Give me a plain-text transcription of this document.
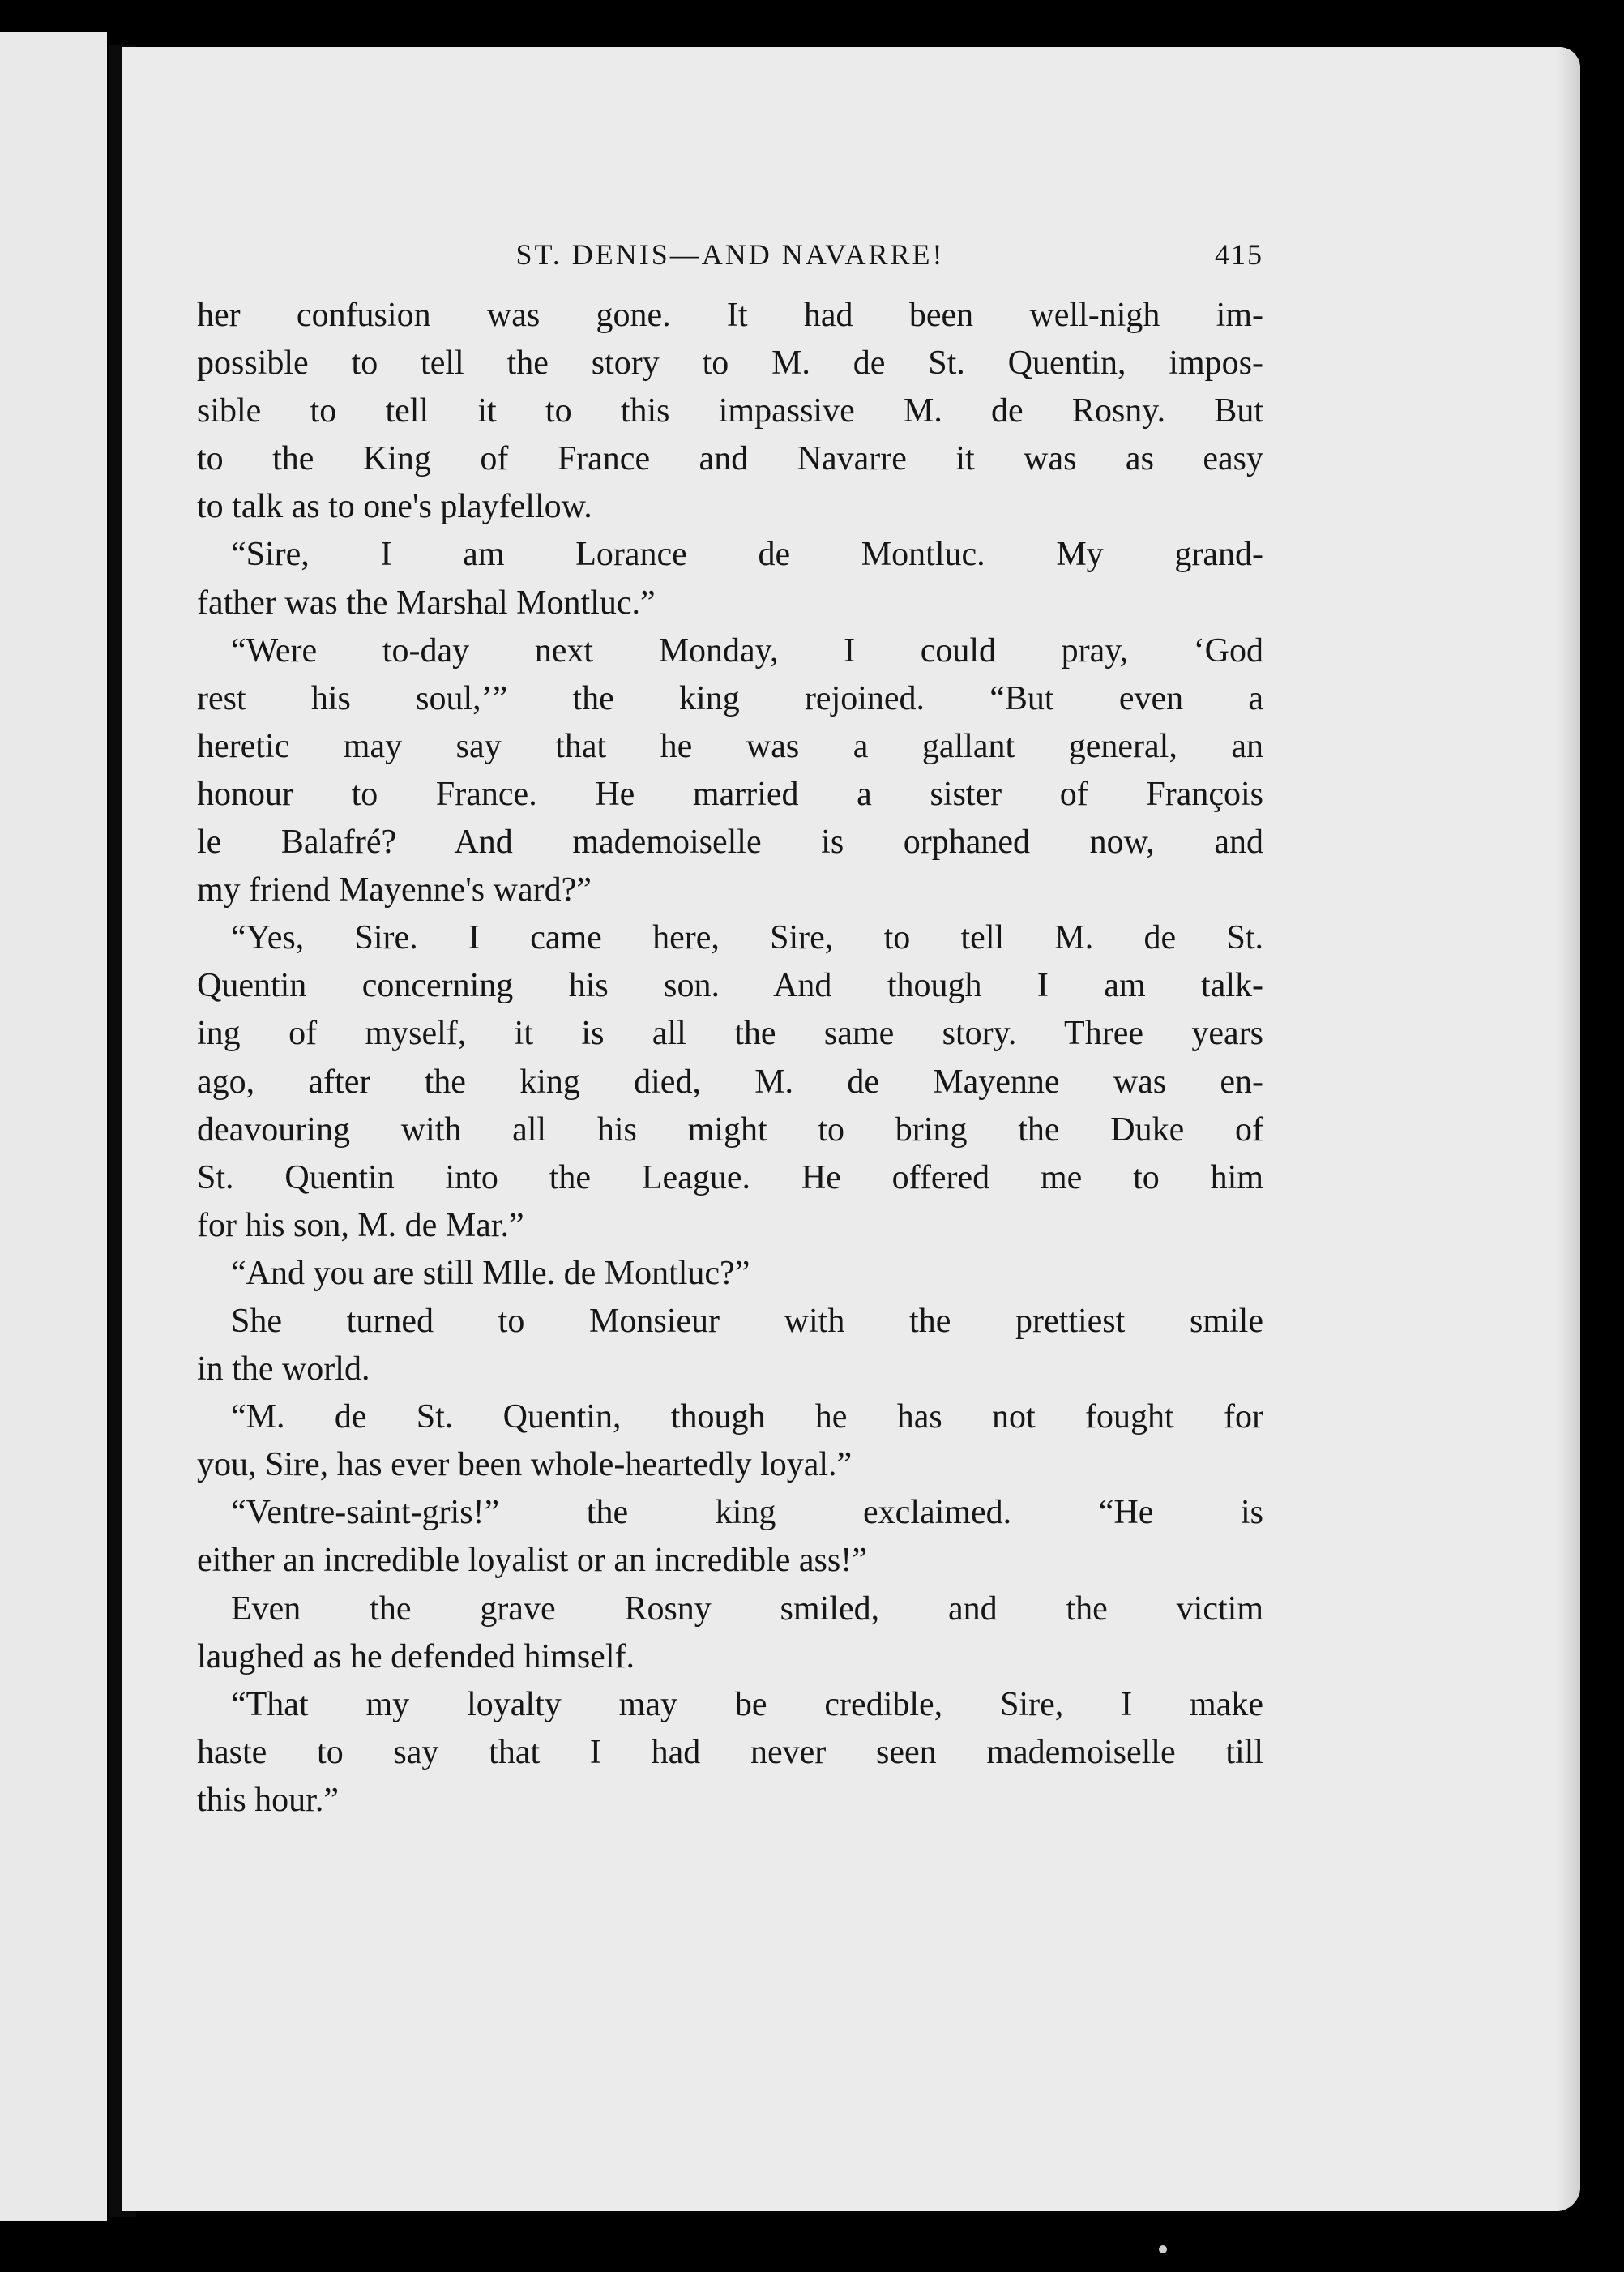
ST. DENIS—AND NAVARRE!	415
her confusion was gone. It had been well-nigh im-
possible to tell the story to M. de St. Quentin, impos-
sible to tell it to this impassive M. de Rosny. But
to the King of France and Navarre it was as easy
to talk as to one's playfellow.
“Sire, I am Lorance de Montluc. My grand-
father was the Marshal Montluc.”
“Were to-day next Monday, I could pray, ‘God
rest his soul,’” the king rejoined. “But even a
heretic may say that he was a gallant general, an
honour to France. He married a sister of François
le Balafré? And mademoiselle is orphaned now, and
my friend Mayenne's ward?”
“Yes, Sire. I came here, Sire, to tell M. de St.
Quentin concerning his son. And though I am talk-
ing of myself, it is all the same story. Three years
ago, after the king died, M. de Mayenne was en-
deavouring with all his might to bring the Duke of
St. Quentin into the League. He offered me to him
for his son, M. de Mar.”
“And you are still Mlle. de Montluc?”
She turned to Monsieur with the prettiest smile
in the world.
“M. de St. Quentin, though he has not fought for
you, Sire, has ever been whole-heartedly loyal.”
“Ventre-saint-gris!” the king exclaimed. “He is
either an incredible loyalist or an incredible ass!”
Even the grave Rosny smiled, and the victim
laughed as he defended himself.
“That my loyalty may be credible, Sire, I make
haste to say that I had never seen mademoiselle till
this hour.”
